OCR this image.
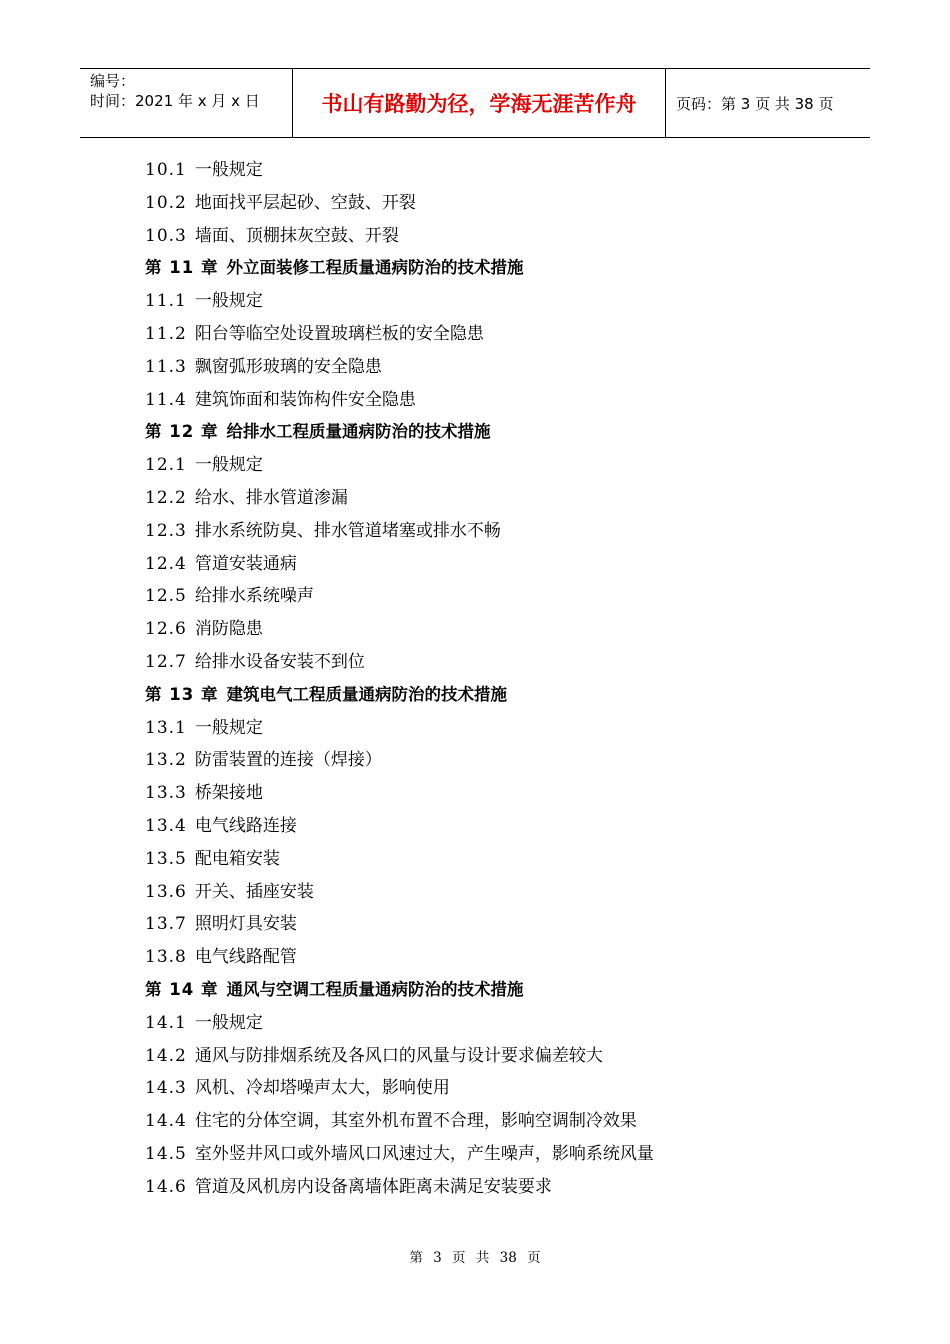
编号：
时间：2021 年 x 月 x 日	书山有路勤为径，学海无涯苦作舟	页码：第 3 页 共 38 页
10.1 一般规定
10.2 地面找平层起砂、空鼓、开裂
10.3 墙面、顶棚抹灰空鼓、开裂
第 11 章 外立面装修工程质量通病防治的技术措施
11.1 一般规定
11.2 阳台等临空处设置玻璃栏板的安全隐患
11.3 飘窗弧形玻璃的安全隐患
11.4 建筑饰面和装饰构件安全隐患
第 12 章 给排水工程质量通病防治的技术措施
12.1 一般规定
12.2 给水、排水管道渗漏
12.3 排水系统防臭、排水管道堵塞或排水不畅
12.4 管道安装通病
12.5 给排水系统噪声
12.6 消防隐患
12.7 给排水设备安装不到位
第 13 章 建筑电气工程质量通病防治的技术措施
13.1 一般规定
13.2 防雷装置的连接（焊接）
13.3 桥架接地
13.4 电气线路连接
13.5 配电箱安装
13.6 开关、插座安装
13.7 照明灯具安装
13.8 电气线路配管
第 14 章 通风与空调工程质量通病防治的技术措施
14.1 一般规定
14.2 通风与防排烟系统及各风口的风量与设计要求偏差较大
14.3 风机、冷却塔噪声太大，影响使用
14.4 住宅的分体空调，其室外机布置不合理，影响空调制冷效果
14.5 室外竖井风口或外墙风口风速过大，产生噪声，影响系统风量
14.6 管道及风机房内设备离墙体距离未满足安装要求
第 3 页 共 38 页
